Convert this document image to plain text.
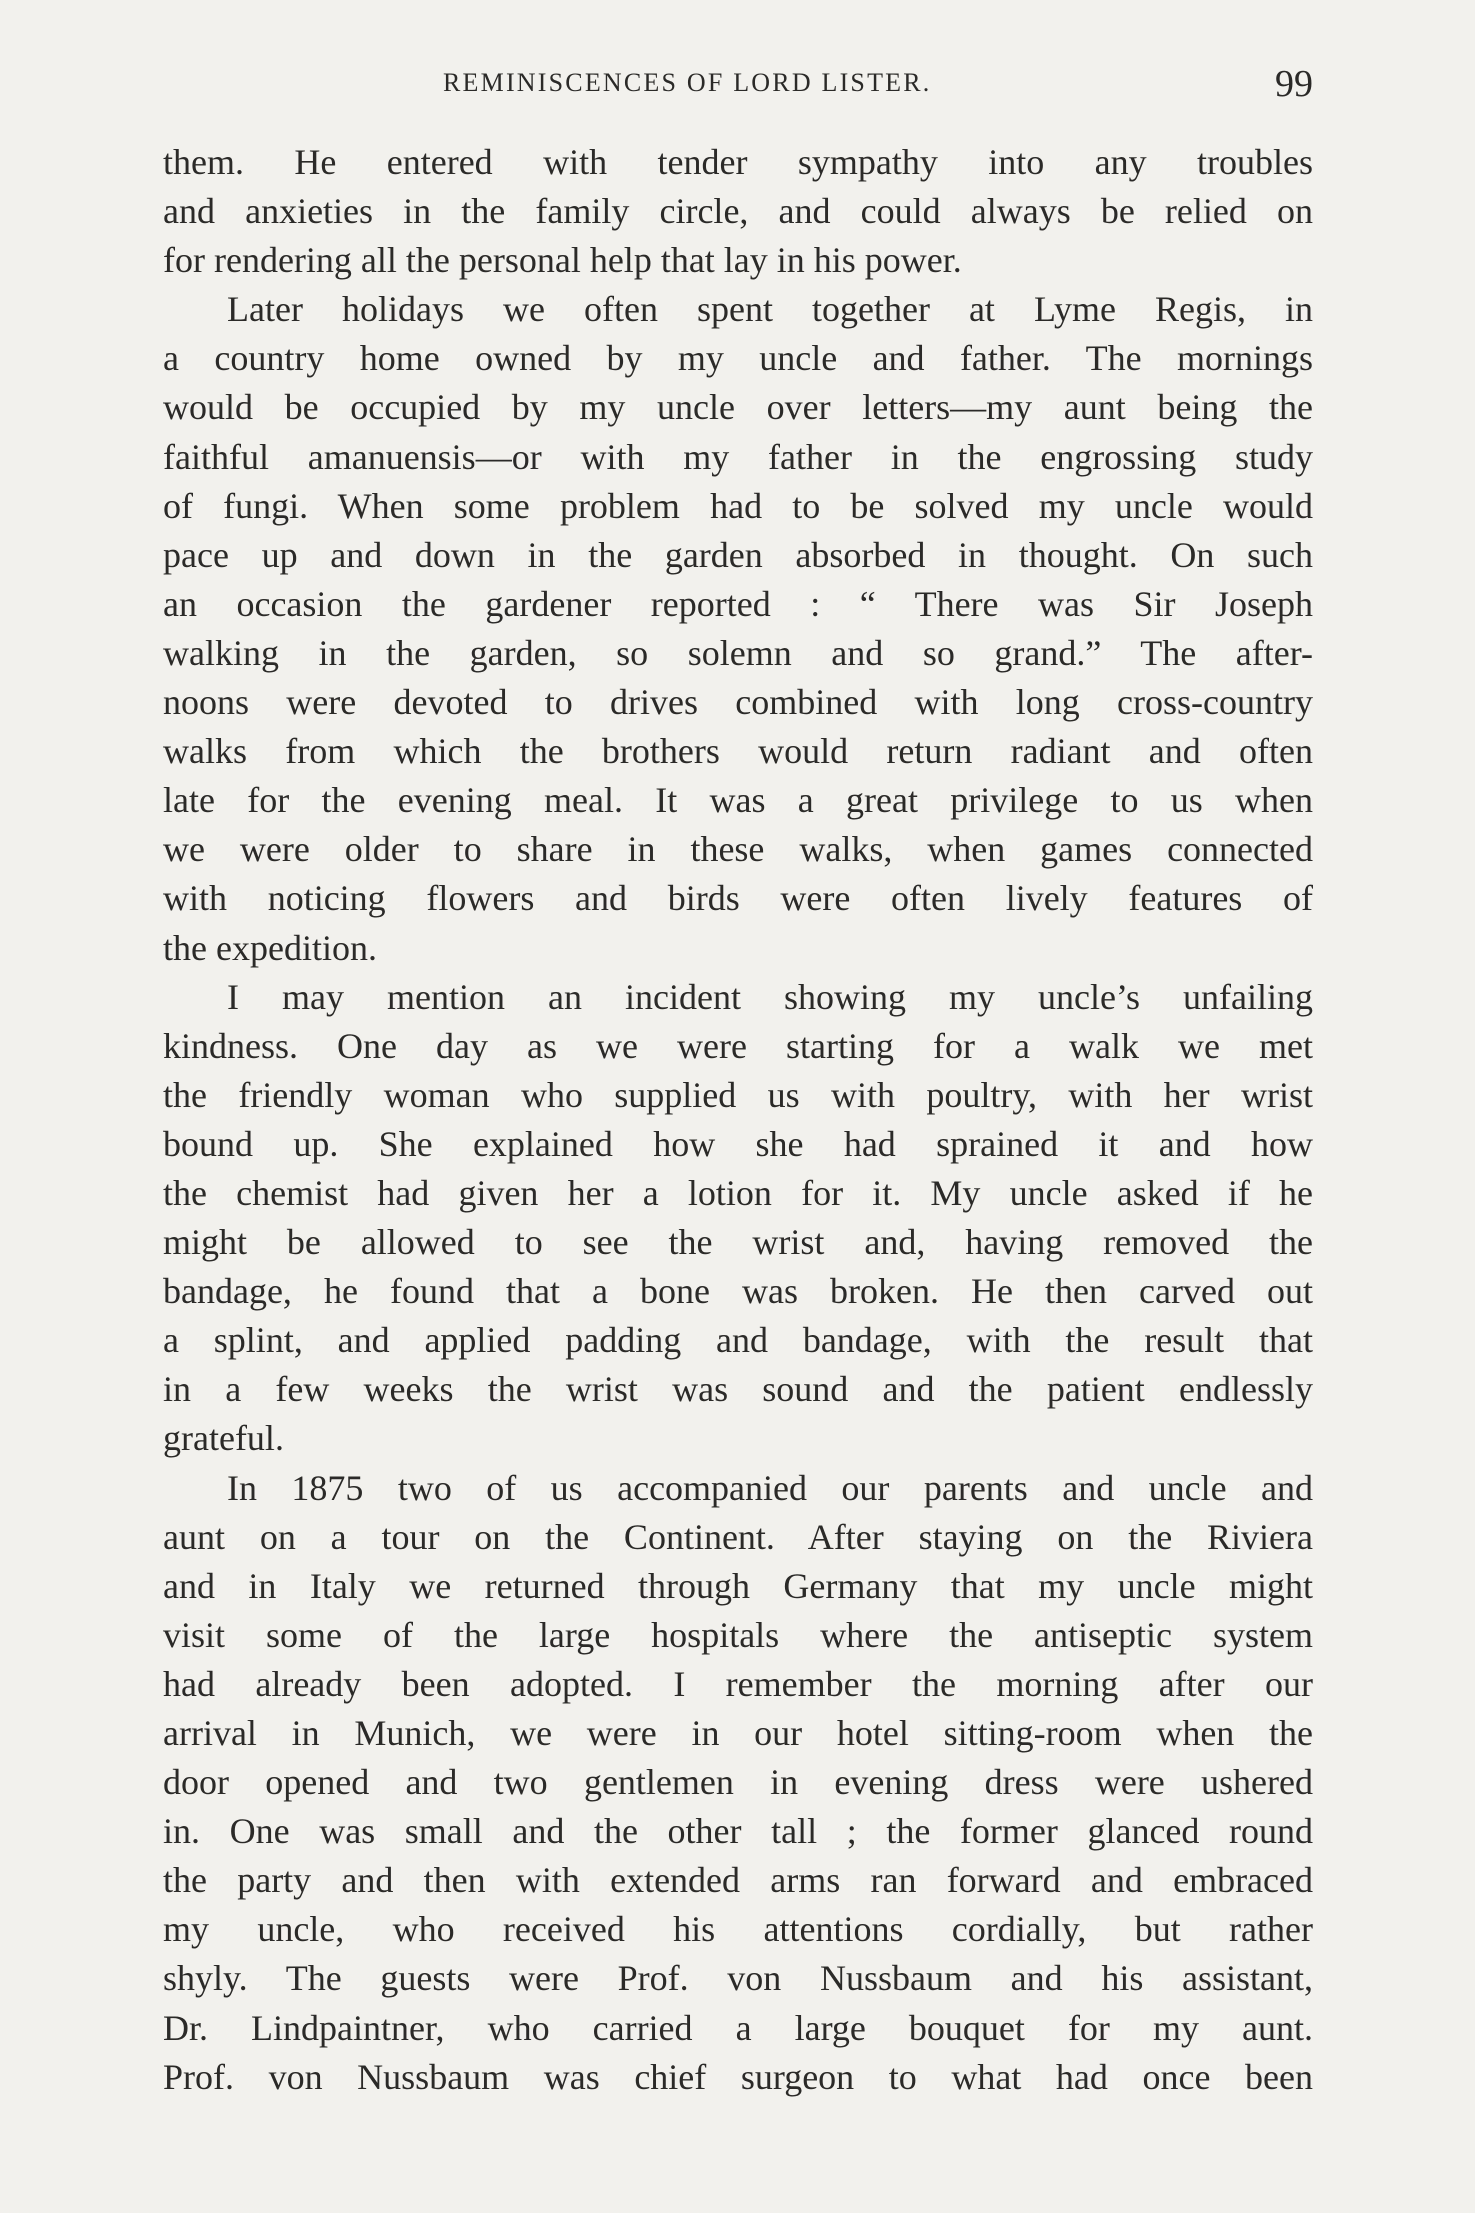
REMINISCENCES OF LORD LISTER.	99
them. He entered with tender sympathy into any troubles
and anxieties in the family circle, and could always be relied on
for rendering all the personal help that lay in his power.
Later holidays we often spent together at Lyme Regis, in
a country home owned by my uncle and father. The mornings
would be occupied by my uncle over letters—my aunt being the
faithful amanuensis—or with my father in the engrossing study
of fungi. When some problem had to be solved my uncle would
pace up and down in the garden absorbed in thought. On such
an occasion the gardener reported : “ There was Sir Joseph
walking in the garden, so solemn and so grand.” The after-
noons were devoted to drives combined with long cross-country
walks from which the brothers would return radiant and often
late for the evening meal. It was a great privilege to us when
we were older to share in these walks, when games connected
with noticing flowers and birds were often lively features of
the expedition.
I may mention an incident showing my uncle’s unfailing
kindness. One day as we were starting for a walk we met
the friendly woman who supplied us with poultry, with her wrist
bound up. She explained how she had sprained it and how
the chemist had given her a lotion for it. My uncle asked if he
might be allowed to see the wrist and, having removed the
bandage, he found that a bone was broken. He then carved out
a splint, and applied padding and bandage, with the result that
in a few weeks the wrist was sound and the patient endlessly
grateful.
In 1875 two of us accompanied our parents and uncle and
aunt on a tour on the Continent. After staying on the Riviera
and in Italy we returned through Germany that my uncle might
visit some of the large hospitals where the antiseptic system
had already been adopted. I remember the morning after our
arrival in Munich, we were in our hotel sitting-room when the
door opened and two gentlemen in evening dress were ushered
in. One was small and the other tall ; the former glanced round
the party and then with extended arms ran forward and embraced
my uncle, who received his attentions cordially, but rather
shyly. The guests were Prof. von Nussbaum and his assistant,
Dr. Lindpaintner, who carried a large bouquet for my aunt.
Prof. von Nussbaum was chief surgeon to what had once been
